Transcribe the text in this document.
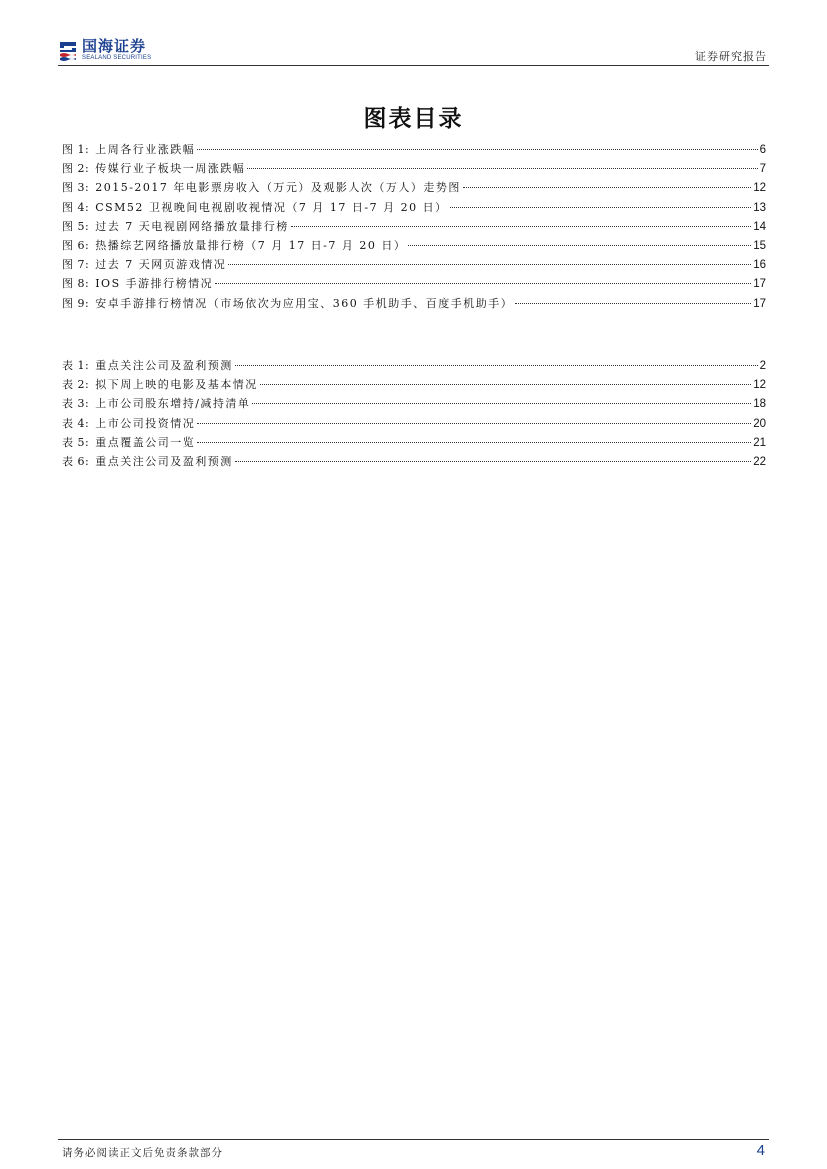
国海证券
SEALAND SECURITIES	证券研究报告
图表目录
图 1: 上周各行业涨跌幅	6
图 2: 传媒行业子板块一周涨跌幅	7
图 3: 2015-2017 年电影票房收入（万元）及观影人次（万人）走势图	12
图 4: CSM52 卫视晚间电视剧收视情况（7 月 17 日-7 月 20 日）	13
图 5: 过去 7 天电视剧网络播放量排行榜	14
图 6: 热播综艺网络播放量排行榜（7 月 17 日-7 月 20 日）	15
图 7: 过去 7 天网页游戏情况	16
图 8: IOS 手游排行榜情况	17
图 9: 安卓手游排行榜情况（市场依次为应用宝、360 手机助手、百度手机助手）	17
表 1: 重点关注公司及盈利预测	2
表 2: 拟下周上映的电影及基本情况	12
表 3: 上市公司股东增持/减持清单	18
表 4: 上市公司投资情况	20
表 5: 重点覆盖公司一览	21
表 6: 重点关注公司及盈利预测	22
请务必阅读正文后免责条款部分	4
